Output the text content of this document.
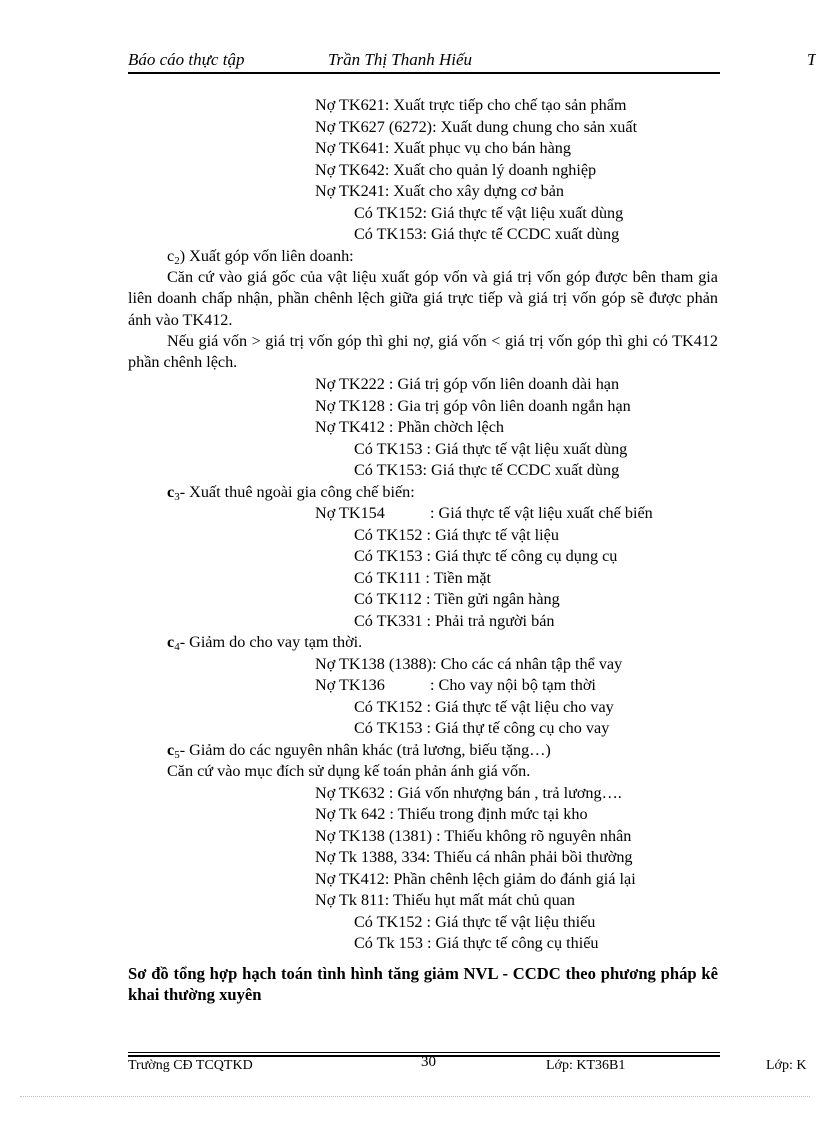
Báo cáo thực tập	Trần Thị Thanh Hiếu	T
Nợ TK621: Xuất trực tiếp cho chế tạo sản phẩm
Nợ TK627 (6272): Xuất dung chung cho sản xuất
Nợ TK641: Xuất phục vụ cho bán hàng
Nợ TK642: Xuất cho quản lý doanh nghiệp
Nợ TK241: Xuất cho xây dựng cơ bản
Có TK152: Giá thực tế vật liệu xuất dùng
Có TK153: Giá thực tế CCDC xuất dùng
$c_2$) Xuất góp vốn liên doanh:
Căn cứ vào giá gốc của vật liệu xuất góp vốn và giá trị vốn góp được bên tham gia liên doanh chấp nhận, phần chênh lệch giữa giá trực tiếp và giá trị vốn góp sẽ được phản ánh vào TK412.
Nếu giá vốn > giá trị vốn góp thì ghi nợ, giá vốn < giá trị vốn góp thì ghi có TK412 phần chênh lệch.
Nợ TK222 : Giá trị góp vốn liên doanh dài hạn
Nợ TK128 : Gia trị góp vôn liên doanh ngắn hạn
Nợ TK412 : Phần chờch lệch
Có TK153 : Giá thực tế vật liệu xuất dùng
Có TK153: Giá thực tế CCDC xuất dùng
$c_3-$ Xuất thuê ngoài gia công chế biến:
Nợ TK154	: Giá thực tế vật liệu xuất chế biến
Có TK152 : Giá thực tế vật liệu
Có TK153 : Giá thực tế công cụ dụng cụ
Có TK111 : Tiền mặt
Có TK112 : Tiền gửi ngân hàng
Có TK331 : Phải trả người bán
$c_4-$ Giảm do cho vay tạm thời.
Nợ TK138 (1388): Cho các cá nhân tập thể vay
Nợ TK136	: Cho vay nội bộ tạm thời
Có TK152 : Giá thực tế vật liệu cho vay
Có TK153 : Giá thự tế công cụ cho vay
$c_5-$ Giảm do các nguyên nhân khác (trả lương, biếu tặng…)
Căn cứ vào mục đích sử dụng kế toán phản ánh giá vốn.
Nợ TK632 : Giá vốn nhượng bán , trả lương….
Nợ Tk 642 : Thiếu trong định mức tại kho
Nợ TK138 (1381) : Thiếu không rõ nguyên nhân
Nợ Tk 1388, 334: Thiếu cá nhân phải bồi thường
Nợ TK412: Phần chênh lệch giảm do đánh giá lại
Nợ Tk 811: Thiếu hụt mất mát chủ quan
Có TK152 : Giá thực tế vật liệu thiếu
Có Tk 153 : Giá thực tế công cụ thiếu
Sơ đồ tổng hợp hạch toán tình hình tăng giảm NVL - CCDC theo phương pháp kê khai thường xuyên
Trường CĐ TCQTKD	30	Lớp: KT36B1	Lớp: K
